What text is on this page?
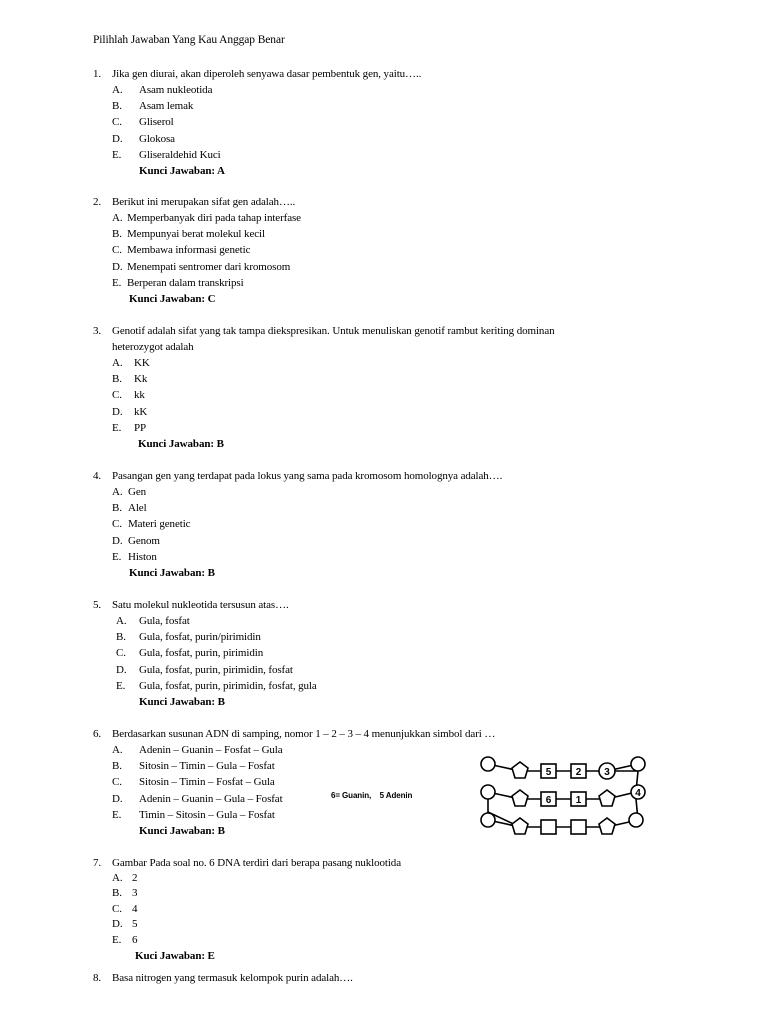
Pilihlah Jawaban Yang Kau Anggap Benar
1. Jika gen diurai, akan diperoleh senyawa dasar pembentuk gen, yaitu…..
A. Asam nukleotida
B. Asam lemak
C. Gliserol
D. Glokosa
E. Gliseraldehid Kuci
Kunci Jawaban: A
2. Berikut ini merupakan sifat gen adalah…..
A. Memperbanyak diri pada tahap interfase
B. Mempunyai berat molekul kecil
C. Membawa informasi genetic
D. Menempati sentromer dari kromosom
E. Berperan dalam transkripsi
Kunci Jawaban: C
3. Genotif adalah sifat yang tak tampa diekspresikan. Untuk menuliskan genotif rambut keriting dominan
heterozygot adalah
A. KK
B. Kk
C. kk
D. kK
E. PP
Kunci Jawaban: B
4. Pasangan gen yang terdapat pada lokus yang sama pada kromosom homolognya adalah….
A. Gen
B. Alel
C. Materi genetic
D. Genom
E. Histon
Kunci Jawaban: B
5. Satu molekul nukleotida tersusun atas….
A. Gula, fosfat
B. Gula, fosfat, purin/pirimidin
C. Gula, fosfat, purin, pirimidin
D. Gula, fosfat, purin, pirimidin, fosfat
E. Gula, fosfat, purin, pirimidin, fosfat, gula
Kunci Jawaban: B
6. Berdasarkan susunan ADN di samping, nomor 1 – 2 – 3 – 4 menunjukkan simbol dari …
A. Adenin – Guanin – Fosfat – Gula
B. Sitosin – Timin – Gula – Fosfat
C. Sitosin – Timin – Fosfat – Gula
D. Adenin – Guanin – Gula – Fosfat
E. Timin – Sitosin – Gula – Fosfat
Kunci Jawaban: B
6= Guanin,    5 Adenin
5 2 3
4
6 1
7. Gambar Pada soal no. 6 DNA terdiri dari berapa pasang nuklootida
A. 2
B. 3
C. 4
D. 5
E. 6
Kuci Jawaban: E
8. Basa nitrogen yang termasuk kelompok purin adalah….
